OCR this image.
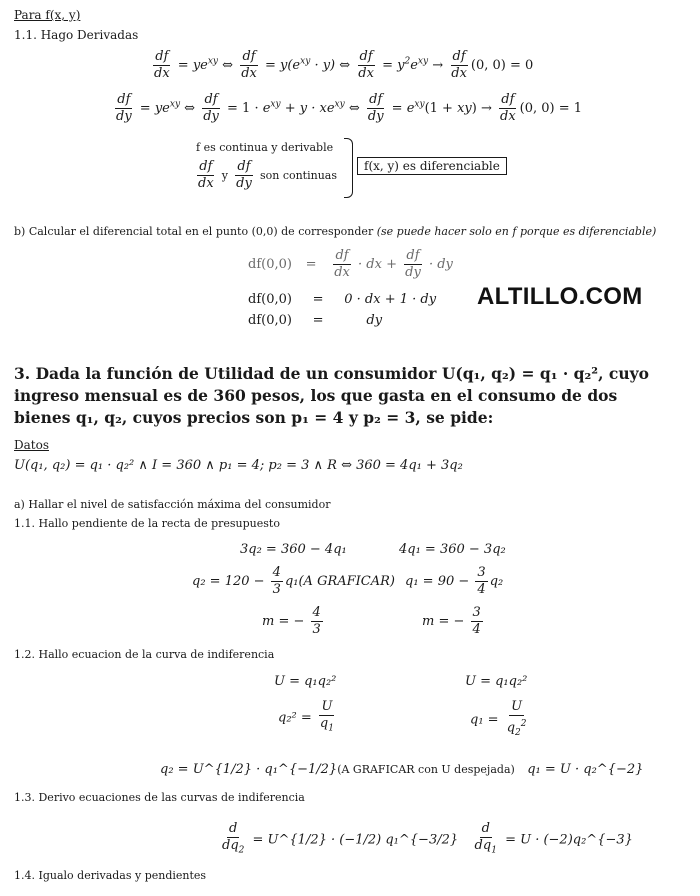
Para f(x, y)
1.1. Hago Derivadas
$\frac{df}{dx} = ye^{xy}$ ⇔ $\frac{df}{dx} = y(e^{xy} \cdot y)$ ⇔ $\frac{df}{dx} = y^2e^{xy} \to \frac{df}{dx} (0$, 0) = 0
$\frac{df}{dy} = ye^{xy}$ ⇔ $\frac{df}{dy} = 1 \cdot e^{xy} + y \cdot xe^{xy}$ ⇔ $\frac{df}{dy} = e^{xy}(1 + xy) \to \frac{df}{dx} (0$, 0) = 1
f es continua y derivable
$\frac{df}{dx}$ y $\frac{df}{dy}$ son continuas
f(x, y) es diferenciable
b) Calcular el diferencial total en el punto (0,0) de corresponder (se puede hacer solo en f porque es diferenciable)
$df(0,0) = \frac{df}{dx}$ · dx + $\frac{df}{dy}$ · dy
df(0,0) = 0 · dx + 1 · dy
df(0,0) =	dy
ALTILLO.COM
3. Dada la función de Utilidad de un consumidor U(q₁, q₂) = q₁ · q₂², cuyo ingreso mensual es de 360 pesos, los que gasta en el consumo de dos bienes q₁, q₂, cuyos precios son p₁ = 4 y p₂ = 3, se pide:
Datos
U(q₁, q₂) = q₁ · q₂² ∧ I = 360 ∧ p₁ = 4; p₂ = 3 ∧ R ⇔ 360 = 4q₁ + 3q₂
a) Hallar el nivel de satisfacción máxima del consumidor
1.1. Hallo pendiente de la recta de presupuesto
3q₂ = 360 − 4q₁	4q₁ = 360 − 3q₂
$q_2 = 120 - \frac{4}{3} q_1(A$ GRAFICAR) $q_1 = 90 - \frac{3}{4} q_2$
m = − $\frac{4}{3}$	m = − $\frac{3}{4}$
1.2. Hallo ecuacion de la curva de indiferencia
U = q₁q₂²	U = q₁q₂²
$q_2^2 = \frac{U}{q_1}$	$q_1 = \frac{U}{q_2^2}$
q₂ = U^{1/2} · q₁^{−1/2}(A GRAFICAR con U despejada) q₁ = U · q₂^{−2}
1.3. Derivo ecuaciones de las curvas de indiferencia
$\frac{d}{dq_2}$ = U^{1/2} · (−1/2) q₁^{−3/2} $\frac{d}{dq_1} = U$ · (−2)q₂^{−3}
1.4. Igualo derivadas y pendientes
